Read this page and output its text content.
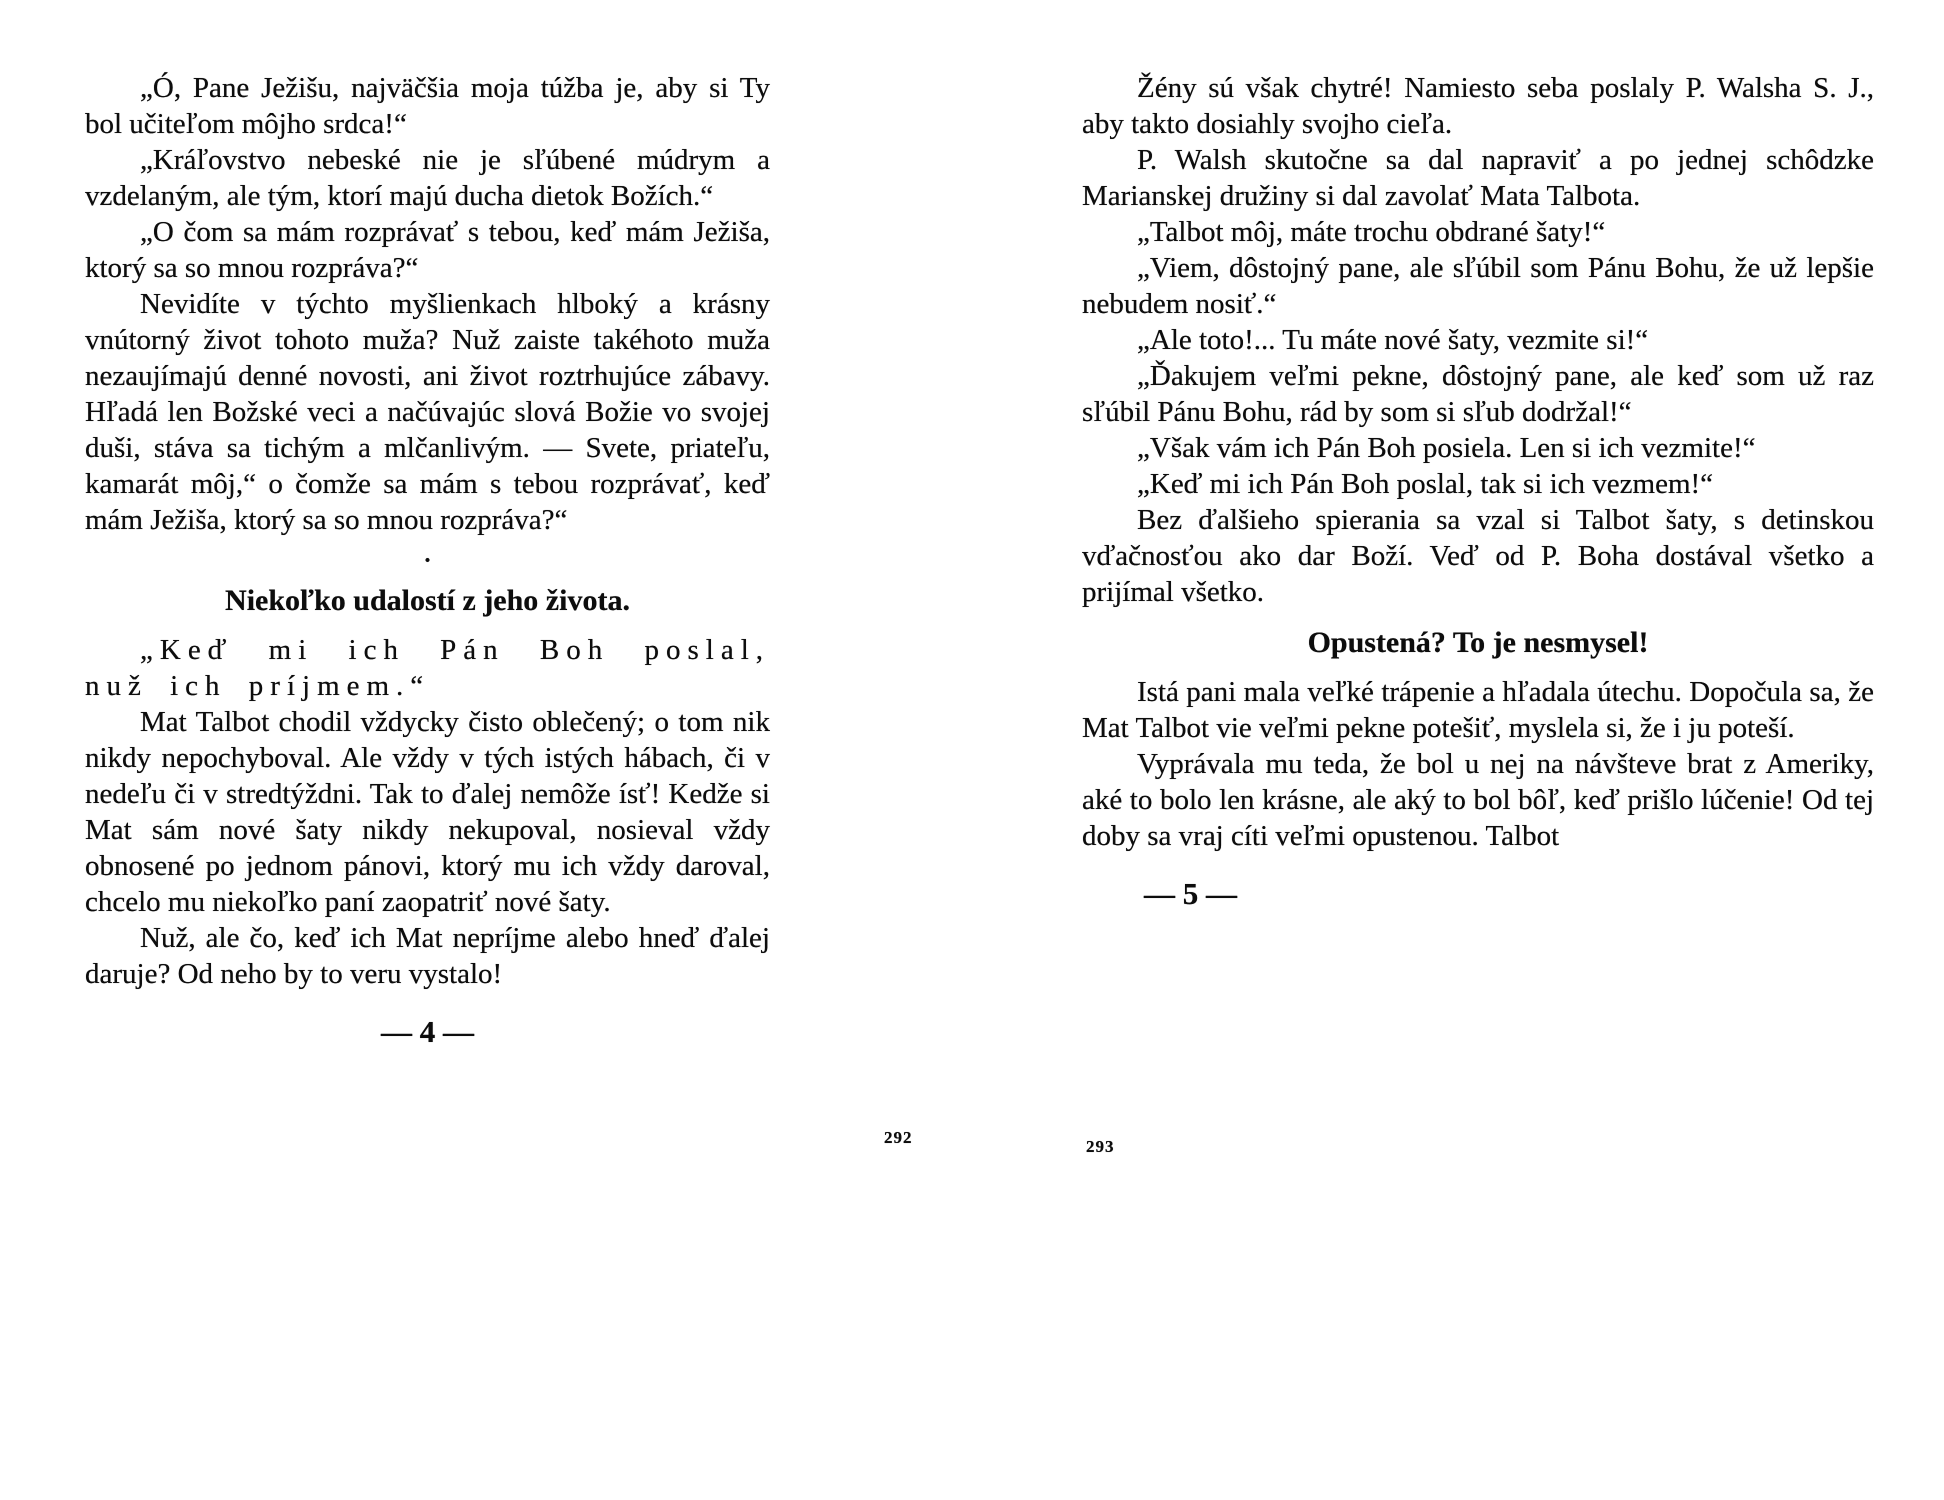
„Ó, Pane Ježišu, najväčšia moja túžba je, aby si Ty bol učiteľom môjho srdca!“

„Kráľovstvo nebeské nie je sľúbené múdrym a vzdelaným, ale tým, ktorí majú ducha dietok Božích.“

„O čom sa mám rozprávať s tebou, keď mám Ježiša, ktorý sa so mnou rozpráva?“

Nevidíte v týchto myšlienkach hlboký a krásny vnútorný život tohoto muža? Nuž zaiste takéhoto muža nezaujímajú denné novosti, ani život roztrhujúce zábavy. Hľadá len Božské veci a načúvajúc slová Božie vo svojej duši, stáva sa tichým a mlčanlivým. — Svete, priateľu, kamarát môj,“ o čomže sa mám s tebou rozprávať, keď mám Ježiša, ktorý sa so mnou rozpráva?“

.
Niekoľko udalostí z jeho života.

„Keď mi ich Pán Boh poslal, nuž ich príjmem.“

Mat Talbot chodil vždycky čisto oblečený; o tom nik nikdy nepochyboval. Ale vždy v tých istých hábach, či v nedeľu či v stredtýždni. Tak to ďalej nemôže ísť! Kedže si Mat sám nové šaty nikdy nekupoval, nosieval vždy obnosené po jednom pánovi, ktorý mu ich vždy daroval, chcelo mu niekoľko paní zaopatriť nové šaty.

Nuž, ale čo, keď ich Mat nepríjme alebo hneď ďalej daruje? Od neho by to veru vystalo!

— 4 —

Žény sú však chytré! Namiesto seba poslaly P. Walsha S. J., aby takto dosiahly svojho cieľa.

P. Walsh skutočne sa dal napraviť a po jednej schôdzke Marianskej družiny si dal zavolať Mata Talbota.

„Talbot môj, máte trochu obdrané šaty!“

„Viem, dôstojný pane, ale sľúbil som Pánu Bohu, že už lepšie nebudem nosiť.“

„Ale toto!... Tu máte nové šaty, vezmite si!“

„Ďakujem veľmi pekne, dôstojný pane, ale keď som už raz sľúbil Pánu Bohu, rád by som si sľub dodržal!“

„Však vám ich Pán Boh posiela. Len si ich vezmite!“

„Keď mi ich Pán Boh poslal, tak si ich vezmem!“

Bez ďalšieho spierania sa vzal si Talbot šaty, s detinskou vďačnosťou ako dar Boží. Veď od P. Boha dostával všetko a prijímal všetko.

Opustená? To je nesmysel!

Istá pani mala veľké trápenie a hľadala útechu. Dopočula sa, že Mat Talbot vie veľmi pekne potešiť, myslela si, že i ju poteší.

Vyprávala mu teda, že bol u nej na návšteve brat z Ameriky, aké to bolo len krásne, ale aký to bol bôľ, keď prišlo lúčenie! Od tej doby sa vraj cíti veľmi opustenou. Talbot

— 5 —
292	293
